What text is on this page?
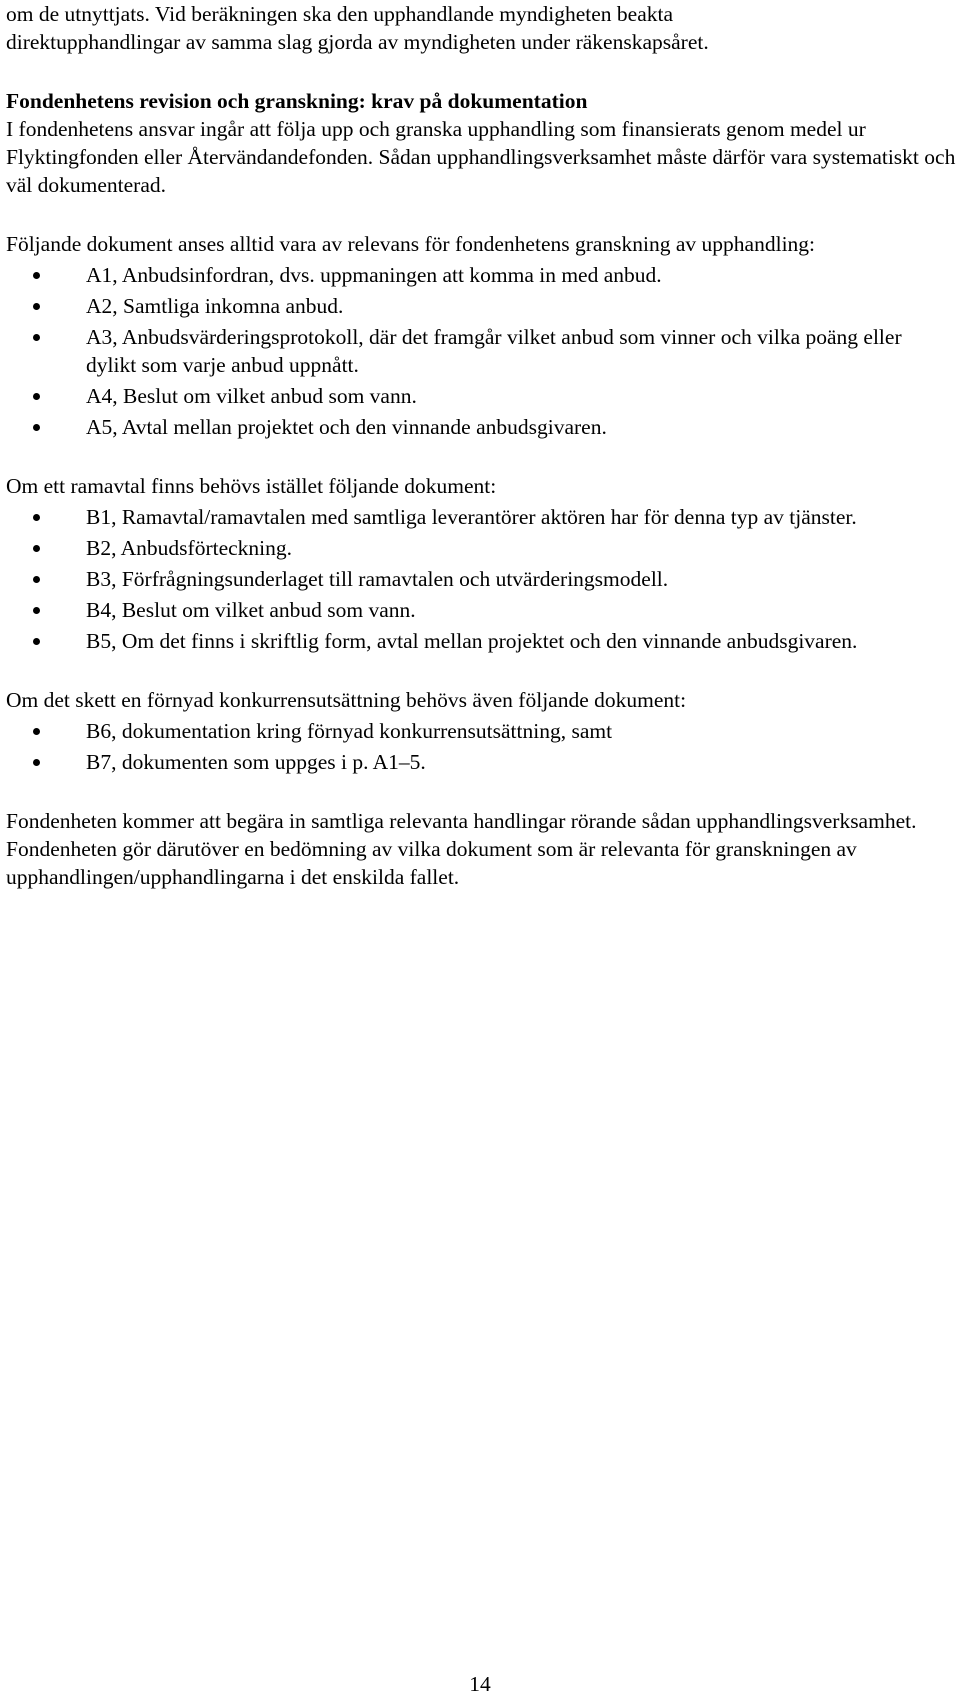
om de utnyttjats. Vid beräkningen ska den upphandlande myndigheten beakta
direktupphandlingar av samma slag gjorda av myndigheten under räkenskapsåret.

Fondenhetens revision och granskning: krav på dokumentation

I fondenhetens ansvar ingår att följa upp och granska upphandling som finansierats genom medel ur Flyktingfonden eller Återvändandefonden. Sådan upphandlingsverksamhet måste därför vara systematiskt och väl dokumenterad.

Följande dokument anses alltid vara av relevans för fondenhetens granskning av upphandling:

A1, Anbudsinfordran, dvs. uppmaningen att komma in med anbud.
A2, Samtliga inkomna anbud.
A3, Anbudsvärderingsprotokoll, där det framgår vilket anbud som vinner och vilka poäng eller dylikt som varje anbud uppnått.
A4, Beslut om vilket anbud som vann.
A5, Avtal mellan projektet och den vinnande anbudsgivaren.

Om ett ramavtal finns behövs istället följande dokument:

B1, Ramavtal/ramavtalen med samtliga leverantörer aktören har för denna typ av tjänster.
B2, Anbudsförteckning.
B3, Förfrågningsunderlaget till ramavtalen och utvärderingsmodell.
B4, Beslut om vilket anbud som vann.
B5, Om det finns i skriftlig form, avtal mellan projektet och den vinnande anbudsgivaren.

Om det skett en förnyad konkurrensutsättning behövs även följande dokument:

B6, dokumentation kring förnyad konkurrensutsättning, samt
B7, dokumenten som uppges i p. A1–5.

Fondenheten kommer att begära in samtliga relevanta handlingar rörande sådan upphandlingsverksamhet. Fondenheten gör därutöver en bedömning av vilka dokument som är relevanta för granskningen av upphandlingen/upphandlingarna i det enskilda fallet.

14
